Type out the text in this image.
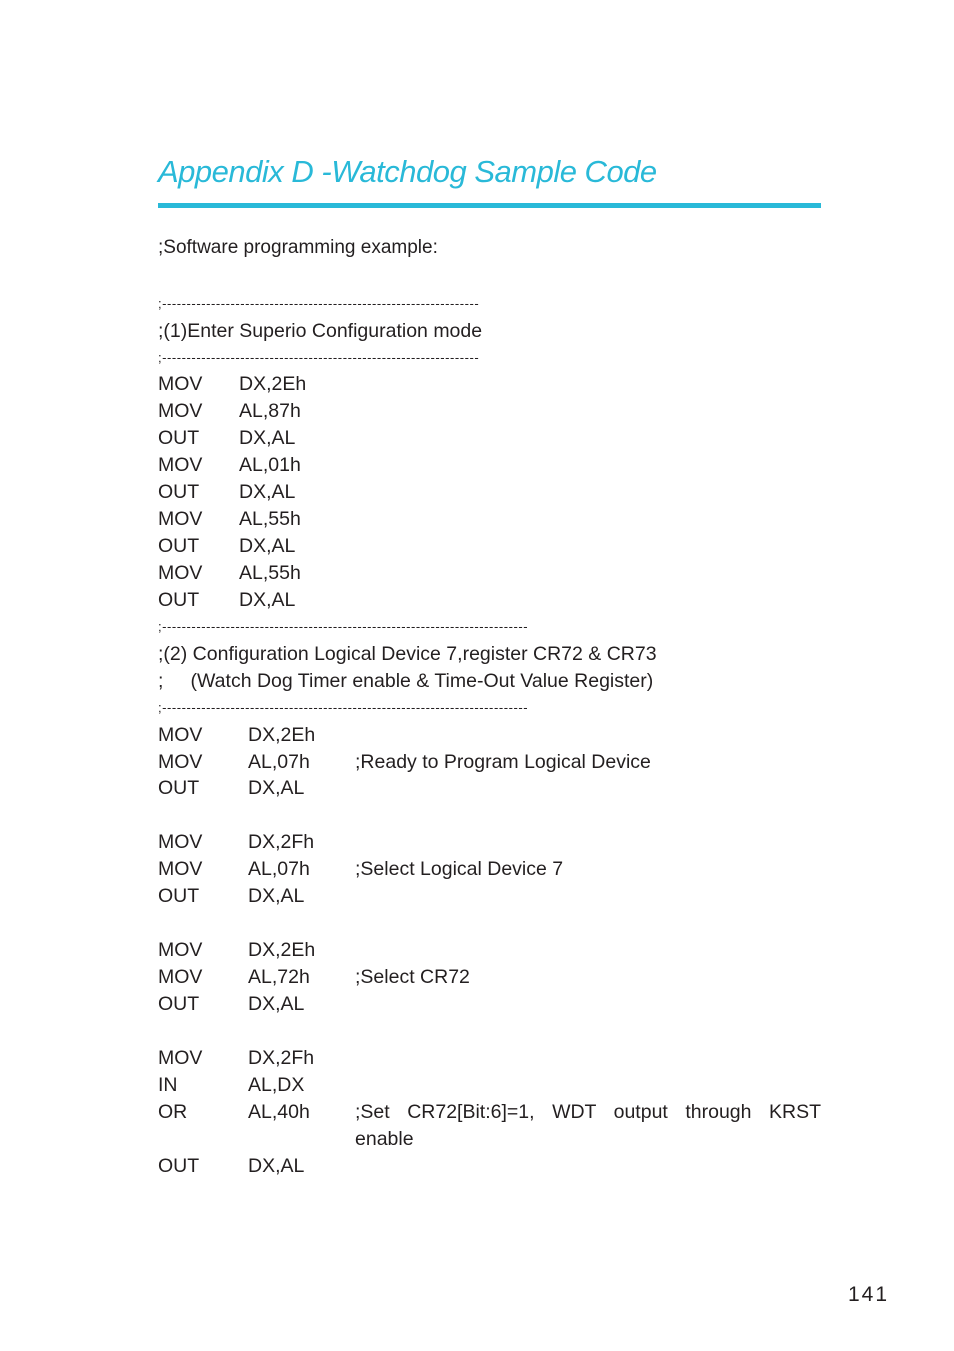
Appendix D -Watchdog Sample Code
;Software programming example:
;-----------------------------------------------------------------
;(1)Enter Superio Configuration mode
;-----------------------------------------------------------------
MOV DX,2Eh
MOV AL,87h
OUT DX,AL
MOV AL,01h
OUT DX,AL
MOV AL,55h
OUT DX,AL
MOV AL,55h
OUT DX,AL
;---------------------------------------------------------------------------
;(2) Configuration Logical Device 7,register CR72 & CR73
;     (Watch Dog Timer enable & Time-Out Value Register)
;---------------------------------------------------------------------------
MOV DX,2Eh
MOV AL,07h ;Ready to Program Logical Device
OUT	DX,AL
MOV DX,2Fh
MOV AL,07h ;Select Logical Device 7
OUT	DX,AL
MOV DX,2Eh
MOV AL,72h ;Select CR72
OUT	DX,AL
MOV DX,2Fh
IN	AL,DX
OR	AL,40h ;Set CR72[Bit:6]=1, WDT output through KRST enable
OUT	DX,AL
141
